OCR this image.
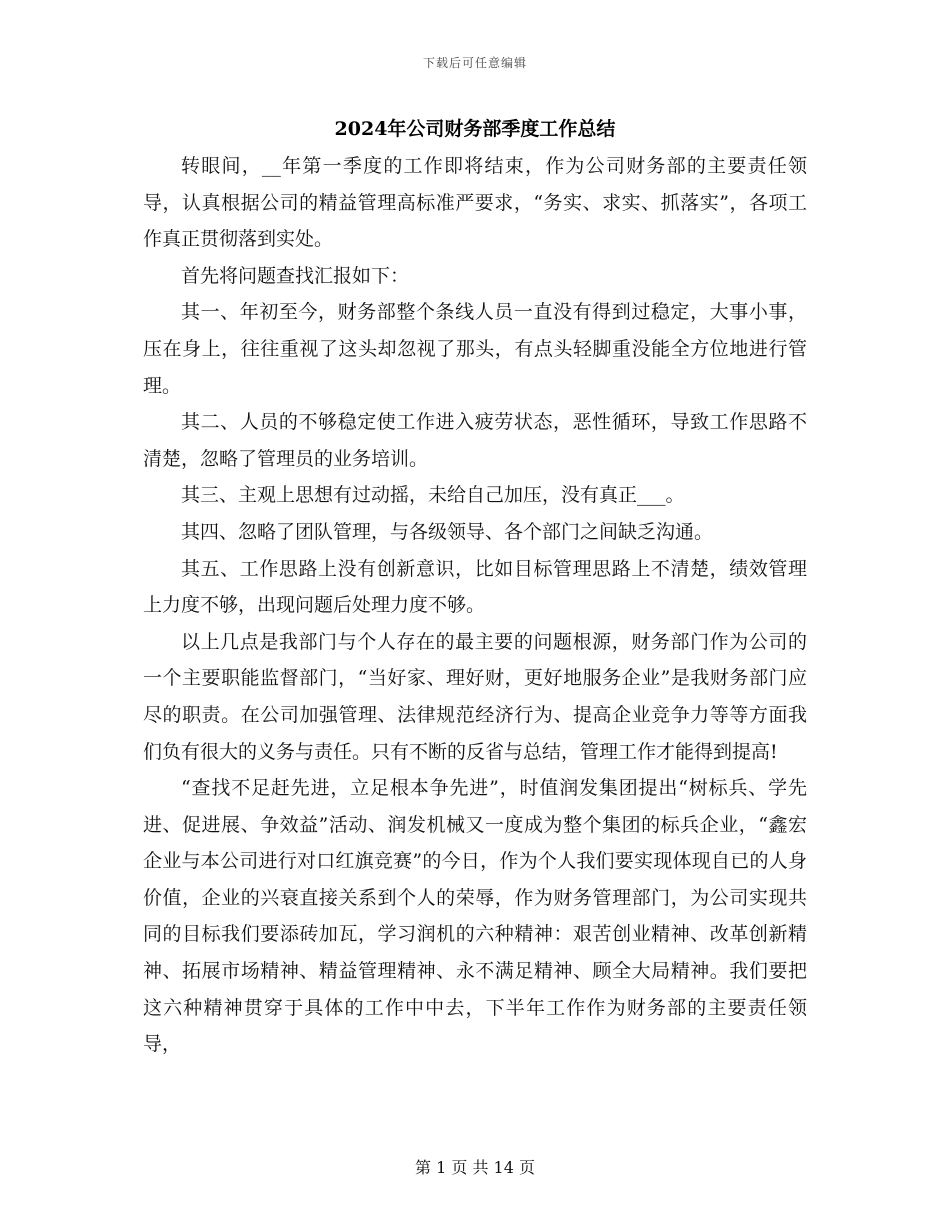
下载后可任意编辑
2024年公司财务部季度工作总结

转眼间，__年第一季度的工作即将结束，作为公司财务部的主要责任领导，认真根据公司的精益管理高标准严要求，“务实、求实、抓落实”，各项工作真正贯彻落到实处。

首先将问题查找汇报如下：

其一、年初至今，财务部整个条线人员一直没有得到过稳定，大事小事，压在身上，往往重视了这头却忽视了那头，有点头轻脚重没能全方位地进行管理。

其二、人员的不够稳定使工作进入疲劳状态，恶性循环，导致工作思路不清楚，忽略了管理员的业务培训。

其三、主观上思想有过动摇，未给自己加压，没有真正___。

其四、忽略了团队管理，与各级领导、各个部门之间缺乏沟通。

其五、工作思路上没有创新意识，比如目标管理思路上不清楚，绩效管理上力度不够，出现问题后处理力度不够。

以上几点是我部门与个人存在的最主要的问题根源，财务部门作为公司的一个主要职能监督部门，“当好家、理好财，更好地服务企业”是我财务部门应尽的职责。在公司加强管理、法律规范经济行为、提高企业竞争力等等方面我们负有很大的义务与责任。只有不断的反省与总结，管理工作才能得到提高!

“查找不足赶先进，立足根本争先进”，时值润发集团提出“树标兵、学先进、促进展、争效益”活动、润发机械又一度成为整个集团的标兵企业，“鑫宏企业与本公司进行对口红旗竞赛”的今日，作为个人我们要实现体现自已的人身价值，企业的兴衰直接关系到个人的荣辱，作为财务管理部门，为公司实现共同的目标我们要添砖加瓦，学习润机的六种精神：艰苦创业精神、改革创新精神、拓展市场精神、精益管理精神、永不满足精神、顾全大局精神。我们要把这六种精神贯穿于具体的工作中中去，下半年工作作为财务部的主要责任领导，

第 1 页 共 14 页
